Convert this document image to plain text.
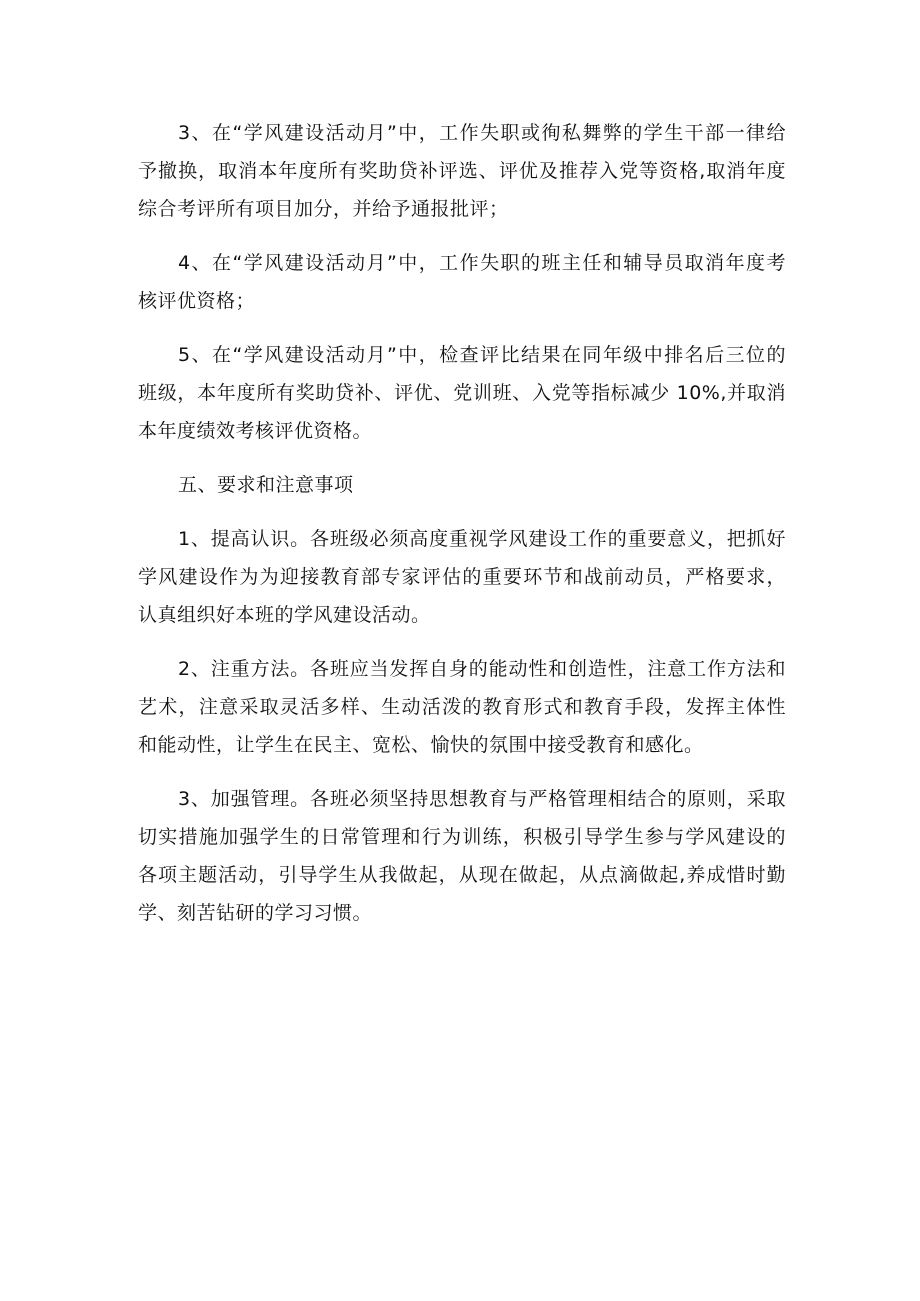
3、在“学风建设活动月”中，工作失职或徇私舞弊的学生干部一律给
予撤换，取消本年度所有奖助贷补评选、评优及推荐入党等资格,取消年度
综合考评所有项目加分，并给予通报批评；
4、在“学风建设活动月”中，工作失职的班主任和辅导员取消年度考
核评优资格；
5、在“学风建设活动月”中，检查评比结果在同年级中排名后三位的
班级，本年度所有奖助贷补、评优、党训班、入党等指标减少 10%,并取消
本年度绩效考核评优资格。
五、要求和注意事项
1、提高认识。各班级必须高度重视学风建设工作的重要意义，把抓好
学风建设作为为迎接教育部专家评估的重要环节和战前动员，严格要求，
认真组织好本班的学风建设活动。
2、注重方法。各班应当发挥自身的能动性和创造性，注意工作方法和
艺术，注意采取灵活多样、生动活泼的教育形式和教育手段，发挥主体性
和能动性，让学生在民主、宽松、愉快的氛围中接受教育和感化。
3、加强管理。各班必须坚持思想教育与严格管理相结合的原则，采取
切实措施加强学生的日常管理和行为训练，积极引导学生参与学风建设的
各项主题活动，引导学生从我做起，从现在做起，从点滴做起,养成惜时勤
学、刻苦钻研的学习习惯。
